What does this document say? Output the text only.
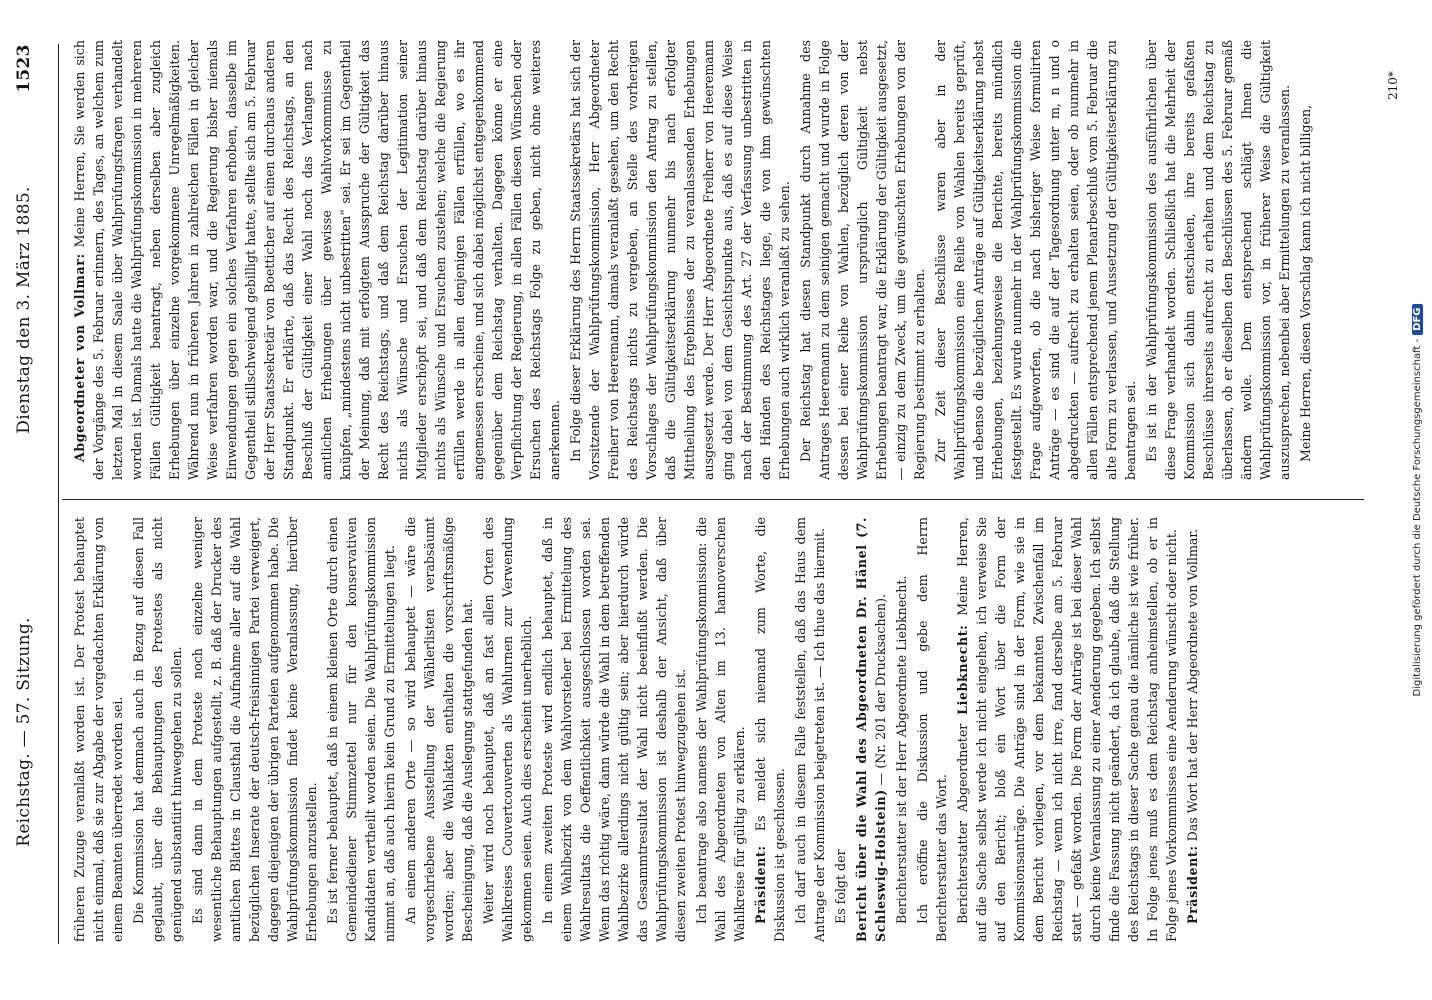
Reichstag. — 57. Sitzung.
Dienstag den 3. März 1885. 1523

früheren Zuzuge veranlaßt worden ist. Der Protest behauptet nicht einmal, daß sie zur Abgabe der vorgedachten Erklärung von einem Beamten überredet worden sei. Die Kommission hat demnach auch in Bezug auf diesen Fall geglaubt, über die Behauptungen des Protestes als nicht genügend substantiirt hinweggehen zu sollen. Es sind dann in dem Proteste noch einzelne weniger wesentliche Behauptungen aufgestellt, z. B. daß der Drucker des amtlichen Blattes in Clausthal die Aufnahme aller auf die Wahl bezüglichen Inserate der deutsch-freisinnigen Partei verweigert, dagegen diejenigen der übrigen Parteien aufgenommen habe. Die Wahlprüfungskommission findet keine Veranlassung, hierüber Erhebungen anzustellen. Es ist ferner behauptet, daß in einem kleinen Orte durch einen Gemeindediener Stimmzettel nur für den konservativen Kandidaten vertheilt worden seien. Die Wahlprüfungskommission nimmt an, daß auch hierin kein Grund zu Ermittelungen liegt. An einem anderen Orte — so wird behauptet — wäre die vorgeschriebene Ausstellung der Wählerlisten verabsäumt worden; aber die Wahlakten enthalten die vorschriftsmäßige Bescheinigung, daß die Auslegung stattgefunden hat. Weiter wird noch behauptet, daß an fast allen Orten des Wahlkreises Couvertcouverten als Wahlurnen zur Verwendung gekommen seien. Auch dies erscheint unerheblich. In einem zweiten Proteste wird endlich behauptet, daß in einem Wahlbezirk von dem Wahlvorsteher bei Ermittelung des Wahlresultats die Oeffentlichkeit ausgeschlossen worden sei. Wenn das richtig wäre, dann würde die Wahl in dem betreffenden Wahlbezirke allerdings nicht gültig sein; aber hierdurch würde das Gesammtresultat der Wahl nicht beeinflußt werden. Die Wahlprüfungskommission ist deshalb der Ansicht, daß über diesen zweiten Protest hinwegzugehen ist. Ich beantrage also namens der Wahlprüfungskommission: die Wahl des Abgeordneten von Alten im 13. hannoverschen Wahlkreise für gültig zu erklären. Präsident: Es meldet sich niemand zum Worte, die Diskussion ist geschlossen. Ich darf auch in diesem Falle feststellen, daß das Haus dem Antrage der Kommission beigetreten ist. — Ich thue das hiermit. Es folgt der Bericht über die Wahl des Abgeordneten Dr. Hänel (7. Schleswig-Holstein) — (Nr. 201 der Drucksachen). Berichterstatter ist der Herr Abgeordnete Liebknecht. Ich eröffne die Diskussion und gebe dem Herrn Berichterstatter das Wort. Berichterstatter Abgeordneter Liebknecht: Meine Herren, auf die Sache selbst werde ich nicht eingehen, ich verweise Sie auf den Bericht; bloß ein Wort über die Form der Kommissionsanträge. Die Anträge sind in der Form, wie sie in dem Bericht vorliegen, vor dem bekannten Zwischenfall im Reichstag — wenn ich nicht irre, fand derselbe am 5. Februar statt — gefaßt worden. Die Form der Anträge ist bei dieser Wahl durch keine Veranlassung zu einer Aenderung gegeben. Ich selbst finde die Fassung nicht geändert, da ich glaube, daß die Stellung des Reichstags in dieser Sache genau die nämliche ist wie früher. In Folge jenes muß es dem Reichstag anheimstellen, ob er in Folge jenes Vorkommnisses eine Aenderung wünscht oder nicht. Präsident: Das Wort hat der Herr Abgeordnete von Vollmar.

Abgeordneter von Vollmar: Meine Herren, Sie werden sich der Vorgänge des 5. Februar erinnern, des Tages, an welchem zum letzten Mal in diesem Saale über Wahlprüfungsfragen verhandelt worden ist. Damals hatte die Wahlprüfungskommission in mehreren Fällen Gültigkeit beantragt, neben derselben aber zugleich Erhebungen über einzelne vorgekommene Unregelmäßigkeiten. Während nun in früheren Jahren in zahlreichen Fällen in gleicher Weise verfahren worden war, und die Regierung bisher niemals Einwendungen gegen ein solches Verfahren erhoben, dasselbe im Gegentheil stillschweigend gebilligt hatte, stellte sich am 5. Februar der Herr Staatssekretär von Boetticher auf einen durchaus anderen Standpunkt. Er erklärte, daß das Recht des Reichstags, an den Beschluß der Gültigkeit einer Wahl noch das Verlangen nach amtlichen Erhebungen über gewisse Wahlvorkommnisse zu knüpfen, „mindestens nicht unbestritten“ sei. Er sei im Gegentheil der Meinung, daß mit erfolgtem Ausspruche der Gültigkeit das Recht des Reichstags, und daß dem Reichstag darüber hinaus nichts als Wünsche und Ersuchen der Legitimation seiner Mitglieder erschöpft sei, und daß dem Reichstag darüber hinaus nichts als Wünsche und Ersuchen zustehen; welche die Regierung erfüllen werde in allen denjenigen Fällen erfüllen, wo es ihr angemessen erscheine, und sich dabei möglichst entgegenkommend gegenüber dem Reichstag verhalten. Dagegen könne er eine Verpflichtung der Regierung, in allen Fällen diesen Wünschen oder Ersuchen des Reichstags Folge zu geben, nicht ohne weiteres anerkennen. In Folge dieser Erklärung des Herrn Staatssekretärs hat sich der Vorsitzende der Wahlprüfungskommission, Herr Abgeordneter Freiherr von Heeremann, damals veranlaßt gesehen, um den Recht des Reichstags nichts zu vergeben, an Stelle des vorherigen Vorschlages der Wahlprüfungskommission den Antrag zu stellen, daß die Gültigkeitserklärung nunmehr bis nach erfolgter Mittheilung des Ergebnisses der zu veranlassenden Erhebungen ausgesetzt werde. Der Herr Abgeordnete Freiherr von Heeremann ging dabei von dem Gesichtspunkte aus, daß es auf diese Weise nach der Bestimmung des Art. 27 der Verfassung unbestritten in den Händen des Reichstages liege, die von ihm gewünschten Erhebungen auch wirklich veranlaßt zu sehen. Der Reichstag hat diesen Standpunkt durch Annahme des Antrages Heeremann zu dem seinigen gemacht und wurde in Folge dessen bei einer Reihe von Wahlen, bezüglich deren von der Wahlprüfungskommission ursprünglich Gültigkeit nebst Erhebungen beantragt war, die Erklärung der Gültigkeit ausgesetzt, — einzig zu dem Zweck, um die gewünschten Erhebungen von der Regierung bestimmt zu erhalten. Zur Zeit dieser Beschlüsse waren aber in der Wahlprüfungskommission eine Reihe von Wahlen bereits geprüft, und ebenso die bezüglichen Anträge auf Gültigkeitserklärung nebst Erhebungen, beziehungsweise die Berichte, bereits mündlich festgestellt. Es wurde nunmehr in der Wahlprüfungskommission die Frage aufgeworfen, ob die nach bisheriger Weise formulirten Anträge — es sind die auf der Tagesordnung unter m, n und o abgedruckten — aufrecht zu erhalten seien, oder ob nunmehr in allen Fällen entsprechend jenem Plenarbeschluß vom 5. Februar die alte Form zu verlassen, und Aussetzung der Gültigkeitserklärung zu beantragen sei. Es ist in der Wahlprüfungskommission des ausführlichen über diese Frage verhandelt worden. Schließlich hat die Mehrheit der Kommission sich dahin entschieden, ihre bereits gefaßten Beschlüsse ihrerseits aufrecht zu erhalten und dem Reichstag zu überlassen, ob er dieselben den Beschlüssen des 5. Februar gemäß ändern wolle. Dem entsprechend schlägt Ihnen die Wahlprüfungskommission vor, in früherer Weise die Gültigkeit auszusprechen, nebenbei aber Ermittelungen zu veranlassen. Meine Herren, diesen Vorschlag kann ich nicht billigen,

210*
Digitalisierung gefördert durch die Deutsche Forschungsgemeinschaft -DFG
